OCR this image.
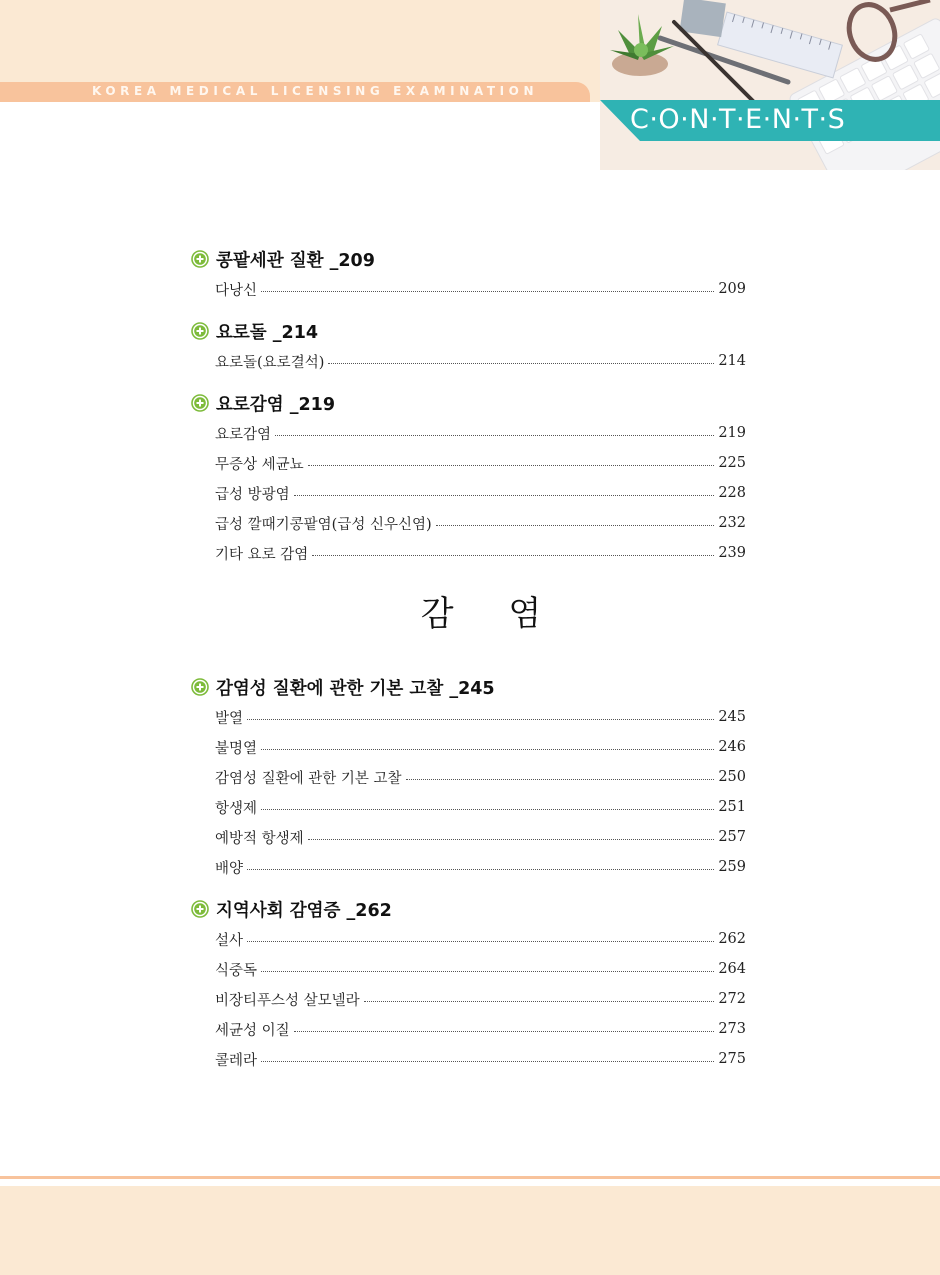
KOREA MEDICAL LICENSING EXAMINATION
C·O·N·T·E·N·T·S
콩팥세관 질환 _209
다낭신	209
요로돌 _214
요로돌(요로결석)	214
요로감염 _219
요로감염	219
무증상 세균뇨	225
급성 방광염	228
급성 깔때기콩팥염(급성 신우신염)	232
기타 요로 감염	239
감 염
감염성 질환에 관한 기본 고찰 _245
발열	245
불명열	246
감염성 질환에 관한 기본 고찰	250
항생제	251
예방적 항생제	257
배양	259
지역사회 감염증 _262
설사	262
식중독	264
비장티푸스성 살모넬라	272
세균성 이질	273
콜레라	275
